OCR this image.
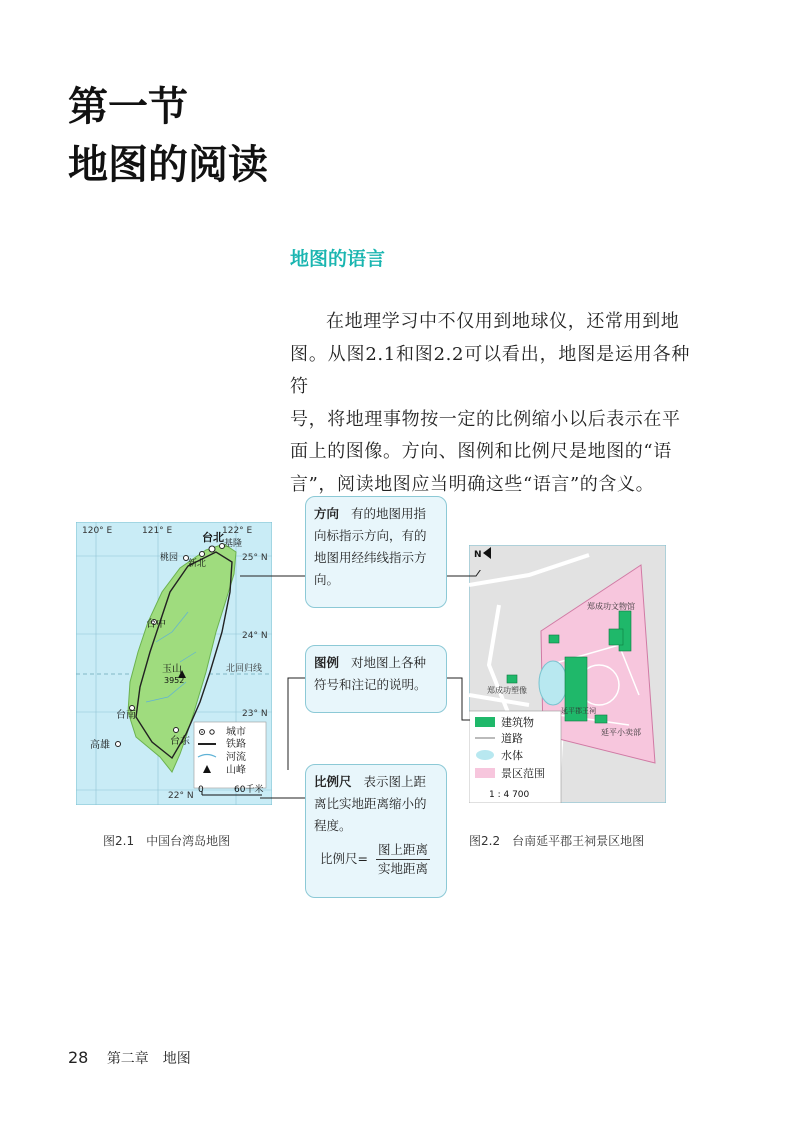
第一节
地图的阅读
地图的语言
在地理学习中不仅用到地球仪，还常用到地
图。从图2.1和图2.2可以看出，地图是运用各种符
号，将地理事物按一定的比例缩小以后表示在平
面上的图像。方向、图例和比例尺是地图的“语
言”，阅读地图应当明确这些“语言”的含义。
120° E	121° E	122° E
25° N
24° N
23° N
22° N
北回归线
台北 基隆
桃园
新北
台中
台南
高雄	台东
玉山
3952
城市
铁路
河流
山峰
0	60千米
N
郑成功文物馆
郑成功塑像
延平郡王祠
延平小卖部
建筑物
道路
水体
景区范围
1 : 4 700
方向 有的地图用指向标指示方向，有的地图用经纬线指示方向。
图例 对地图上各种符号和注记的说明。
比例尺 表示图上距离比实地距离缩小的程度。
比例尺= $\frac{\text{图上距离}}{\text{实地距离}}$
图2.1　中国台湾岛地图	图2.2　台南延平郡王祠景区地图
28 第二章　地图
